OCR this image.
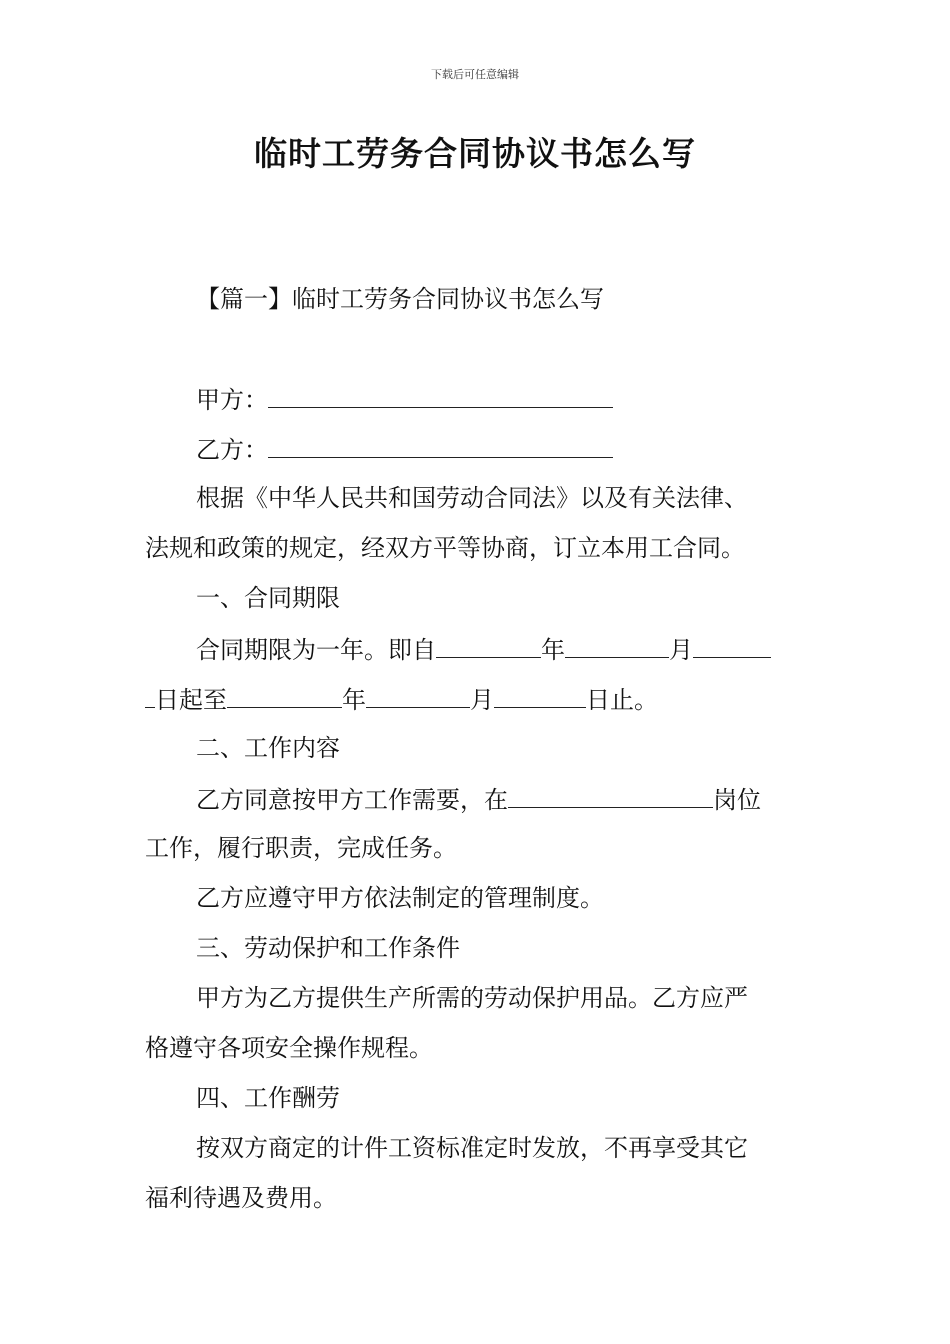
下载后可任意编辑
临时工劳务合同协议书怎么写
【篇一】临时工劳务合同协议书怎么写
甲方：
乙方：
根据《中华人民共和国劳动合同法》以及有关法律、
法规和政策的规定，经双方平等协商，订立本用工合同。
一、合同期限
合同期限为一年。即自	年	月
日起至	年	月	日止。
二、工作内容
乙方同意按甲方工作需要，在	岗位
工作，履行职责，完成任务。
乙方应遵守甲方依法制定的管理制度。
三、劳动保护和工作条件
甲方为乙方提供生产所需的劳动保护用品。乙方应严
格遵守各项安全操作规程。
四、工作酬劳
按双方商定的计件工资标准定时发放，不再享受其它
福利待遇及费用。
